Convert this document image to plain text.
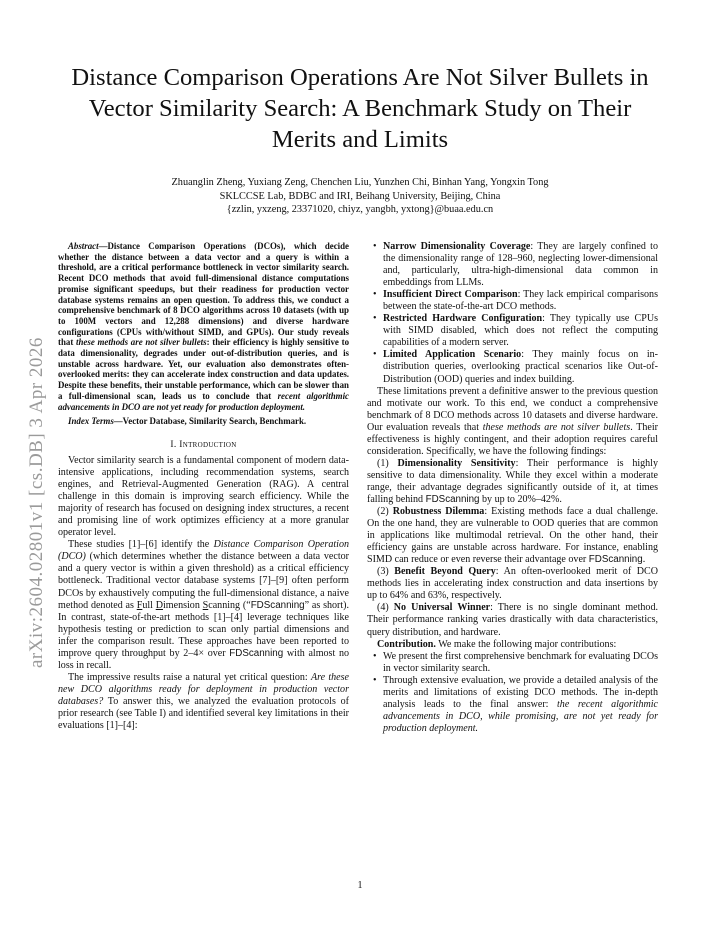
arXiv:2604.02801v1 [cs.DB] 3 Apr 2026
Distance Comparison Operations Are Not Silver Bullets in Vector Similarity Search: A Benchmark Study on Their Merits and Limits
Zhuanglin Zheng, Yuxiang Zeng, Chenchen Liu, Yunzhen Chi, Binhan Yang, Yongxin Tong
SKLCCSE Lab, BDBC and IRI, Beihang University, Beijing, China
{zzlin, yxzeng, 23371020, chiyz, yangbh, yxtong}@buaa.edu.cn

Abstract—Distance Comparison Operations (DCOs), which decide whether the distance between a data vector and a query is within a threshold, are a critical performance bottleneck in vector similarity search. Recent DCO methods that avoid full-dimensional distance computations promise significant speedups, but their readiness for production vector database systems remains an open question. To address this, we conduct a comprehensive benchmark of 8 DCO algorithms across 10 datasets (with up to 100M vectors and 12,288 dimensions) and diverse hardware configurations (CPUs with/without SIMD, and GPUs). Our study reveals that these methods are not silver bullets: their efficiency is highly sensitive to data dimensionality, degrades under out-of-distribution queries, and is unstable across hardware. Yet, our evaluation also demonstrates often-overlooked merits: they can accelerate index construction and data updates. Despite these benefits, their unstable performance, which can be slower than a full-dimensional scan, leads us to conclude that recent algorithmic advancements in DCO are not yet ready for production deployment.

Index Terms—Vector Database, Similarity Search, Benchmark.

I. Introduction

Vector similarity search is a fundamental component of modern data-intensive applications, including recommendation systems, search engines, and Retrieval-Augmented Generation (RAG). A central challenge in this domain is improving search efficiency. While the majority of research has focused on designing index structures, a recent and promising line of work optimizes efficiency at a more granular operator level.

These studies [1]–[6] identify the Distance Comparison Operation (DCO) (which determines whether the distance between a data vector and a query vector is within a given threshold) as a critical efficiency bottleneck. Traditional vector database systems [7]–[9] often perform DCOs by exhaustively computing the full-dimensional distance, a naive method denoted as Full Dimension Scanning (“FDScanning” as short). In contrast, state-of-the-art methods [1]–[4] leverage techniques like hypothesis testing or prediction to scan only partial dimensions and infer the comparison result. These approaches have been reported to improve query throughput by 2–4× over FDScanning with almost no loss in recall.

The impressive results raise a natural yet critical question: Are these new DCO algorithms ready for deployment in production vector databases? To answer this, we analyzed the evaluation protocols of prior research (see Table I) and identified several key limitations in their evaluations [1]–[4]:

• Narrow Dimensionality Coverage: They are largely confined to the dimensionality range of 128–960, neglecting lower-dimensional and, particularly, ultra-high-dimensional data common in embeddings from LLMs.
• Insufficient Direct Comparison: They lack empirical comparisons between the state-of-the-art DCO methods.
• Restricted Hardware Configuration: They typically use CPUs with SIMD disabled, which does not reflect the computing capabilities of a modern server.
• Limited Application Scenario: They mainly focus on in-distribution queries, overlooking practical scenarios like Out-of-Distribution (OOD) queries and index building.

These limitations prevent a definitive answer to the previous question and motivate our work. To this end, we conduct a comprehensive benchmark of 8 DCO methods across 10 datasets and diverse hardware. Our evaluation reveals that these methods are not silver bullets. Their effectiveness is highly contingent, and their adoption requires careful consideration. Specifically, we have the following findings:

(1) Dimensionality Sensitivity: Their performance is highly sensitive to data dimensionality. While they excel within a moderate range, their advantage degrades significantly outside of it, at times falling behind FDScanning by up to 20%–42%.

(2) Robustness Dilemma: Existing methods face a dual challenge. On the one hand, they are vulnerable to OOD queries that are common in applications like multimodal retrieval. On the other hand, their efficiency gains are unstable across hardware. For instance, enabling SIMD can reduce or even reverse their advantage over FDScanning.

(3) Benefit Beyond Query: An often-overlooked merit of DCO methods lies in accelerating index construction and data insertions by up to 64% and 63%, respectively.

(4) No Universal Winner: There is no single dominant method. Their performance ranking varies drastically with data characteristics, query distribution, and hardware.

Contribution. We make the following major contributions:

• We present the first comprehensive benchmark for evaluating DCOs in vector similarity search.
• Through extensive evaluation, we provide a detailed analysis of the merits and limitations of existing DCO methods. The in-depth analysis leads to the final answer: the recent algorithmic advancements in DCO, while promising, are not yet ready for production deployment.
1
